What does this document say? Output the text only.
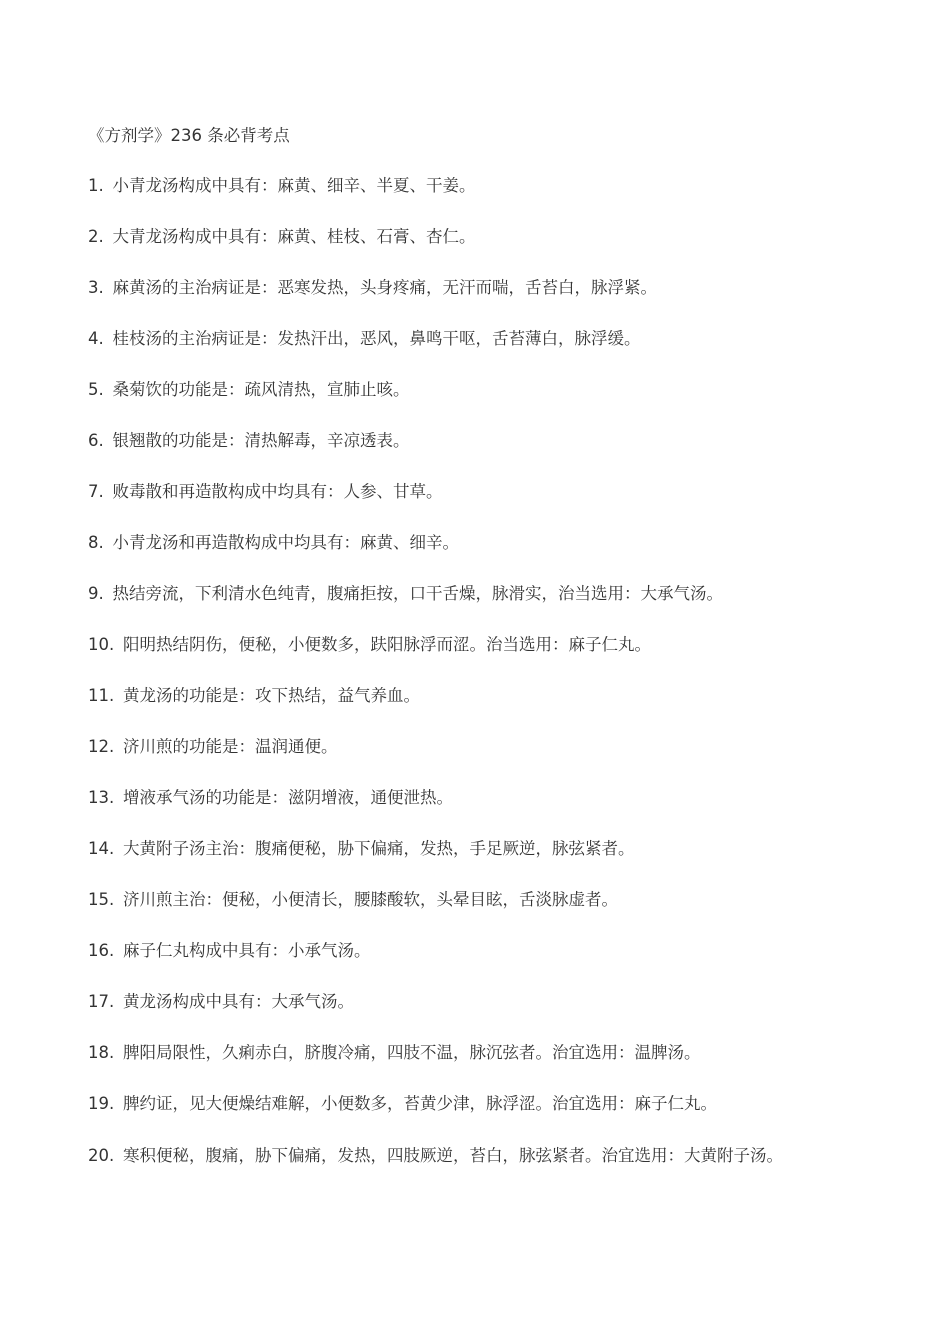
《方剂学》236 条必背考点
1. 小青龙汤构成中具有：麻黄、细辛、半夏、干姜。
2. 大青龙汤构成中具有：麻黄、桂枝、石膏、杏仁。
3. 麻黄汤的主治病证是：恶寒发热，头身疼痛，无汗而喘，舌苔白，脉浮紧。
4. 桂枝汤的主治病证是：发热汗出，恶风，鼻鸣干呕，舌苔薄白，脉浮缓。
5. 桑菊饮的功能是：疏风清热，宣肺止咳。
6. 银翘散的功能是：清热解毒，辛凉透表。
7. 败毒散和再造散构成中均具有：人参、甘草。
8. 小青龙汤和再造散构成中均具有：麻黄、细辛。
9. 热结旁流，下利清水色纯青，腹痛拒按，口干舌燥，脉滑实，治当选用：大承气汤。
10. 阳明热结阴伤，便秘，小便数多，趺阳脉浮而涩。治当选用：麻子仁丸。
11. 黄龙汤的功能是：攻下热结，益气养血。
12. 济川煎的功能是：温润通便。
13. 增液承气汤的功能是：滋阴增液，通便泄热。
14. 大黄附子汤主治：腹痛便秘，胁下偏痛，发热，手足厥逆，脉弦紧者。
15. 济川煎主治：便秘，小便清长，腰膝酸软，头晕目眩，舌淡脉虚者。
16. 麻子仁丸构成中具有：小承气汤。
17. 黄龙汤构成中具有：大承气汤。
18. 脾阳局限性，久痢赤白，脐腹冷痛，四肢不温，脉沉弦者。治宜选用：温脾汤。
19. 脾约证，见大便燥结难解，小便数多，苔黄少津，脉浮涩。治宜选用：麻子仁丸。
20. 寒积便秘，腹痛，胁下偏痛，发热，四肢厥逆，苔白，脉弦紧者。治宜选用：大黄附子汤。
